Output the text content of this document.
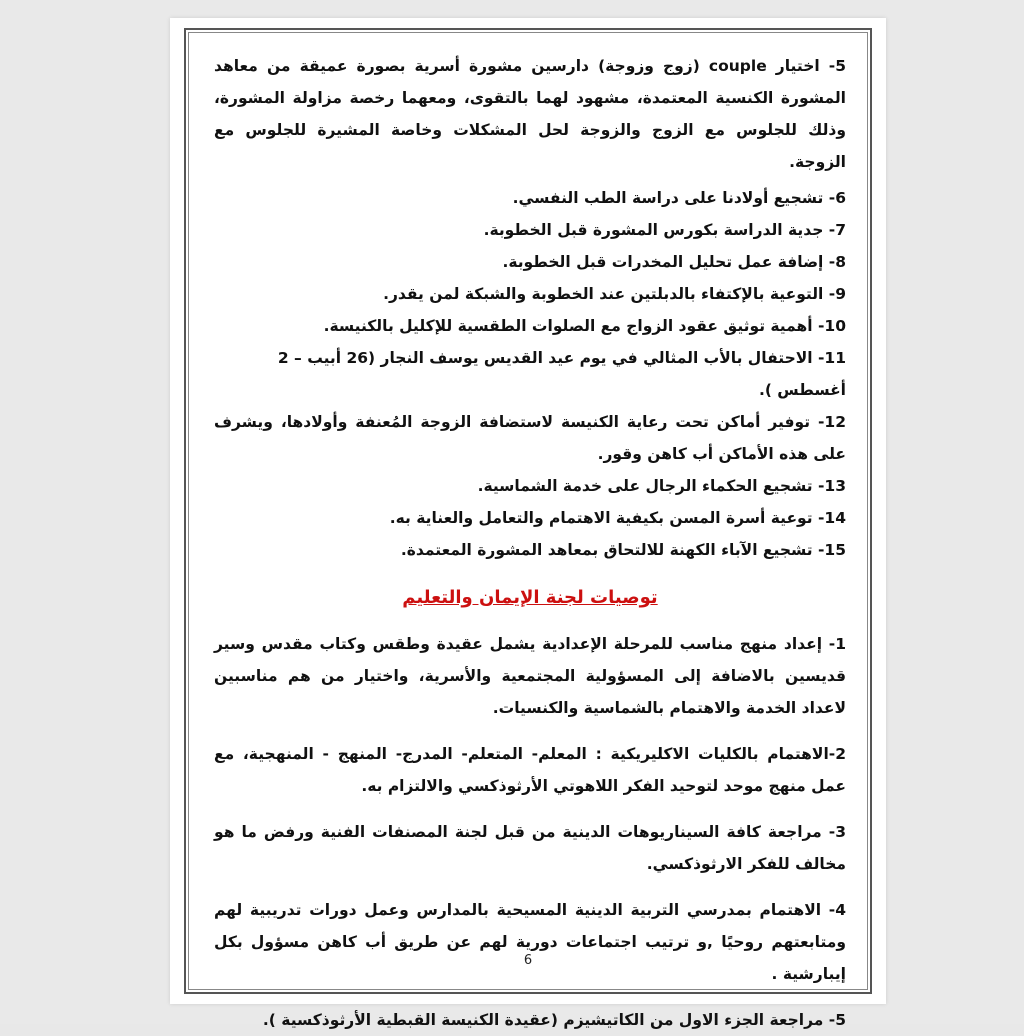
5- اختيار couple (زوج وزوجة) دارسين مشورة أسرية بصورة عميقة من معاهد المشورة الكنسية المعتمدة، مشهود لهما بالتقوى، ومعهما رخصة مزاولة المشورة، وذلك للجلوس مع الزوج والزوجة لحل المشكلات وخاصة المشيرة للجلوس مع الزوجة.

6- تشجيع أولادنا على دراسة الطب النفسي.

7- جدية الدراسة بكورس المشورة قبل الخطوبة.

8- إضافة عمل تحليل المخدرات قبل الخطوبة.

9- التوعية بالإكتفاء بالدبلتين عند الخطوبة والشبكة لمن يقدر.

10- أهمية توثيق عقود الزواج مع الصلوات الطقسية للإكليل بالكنيسة.

11- الاحتفال بالأب المثالي في يوم عيد القديس يوسف النجار (26 أبيب – 2 أغسطس ).

12- توفير أماكن تحت رعاية الكنيسة لاستضافة الزوجة المُعنفة وأولادها، ويشرف على هذه الأماكن أب كاهن وقور.

13- تشجيع الحكماء الرجال على خدمة الشماسية.

14- توعية أسرة المسن بكيفية الاهتمام والتعامل والعناية به.

15- تشجيع الآباء الكهنة للالتحاق بمعاهد المشورة المعتمدة.

توصيات لجنة الإيمان والتعليم

1- إعداد منهج مناسب للمرحلة الإعدادية يشمل عقيدة وطقس وكتاب مقدس وسير قديسين بالاضافة إلى المسؤولية المجتمعية والأسرية، واختيار من هم مناسبين لاعداد الخدمة والاهتمام بالشماسية والكنسيات.

2-الاهتمام بالكليات الاكليريكية : المعلم- المتعلم- المدرج- المنهج - المنهجية، مع عمل منهج موحد لتوحيد الفكر اللاهوتي الأرثوذكسي والالتزام به.

3- مراجعة كافة السيناريوهات الدينية من قبل لجنة المصنفات الفنية ورفض ما هو مخالف للفكر الارثوذكسي.

4- الاهتمام بمدرسي التربية الدينية المسيحية بالمدارس وعمل دورات تدريبية لهم ومتابعتهم روحيًا ,و ترتيب اجتماعات دورية لهم عن طريق أب كاهن مسؤول بكل إيبارشية .

5- مراجعة الجزء الاول من الكاتيشيزم (عقيدة الكنيسة القبطية الأرثوذكسية ).

6
